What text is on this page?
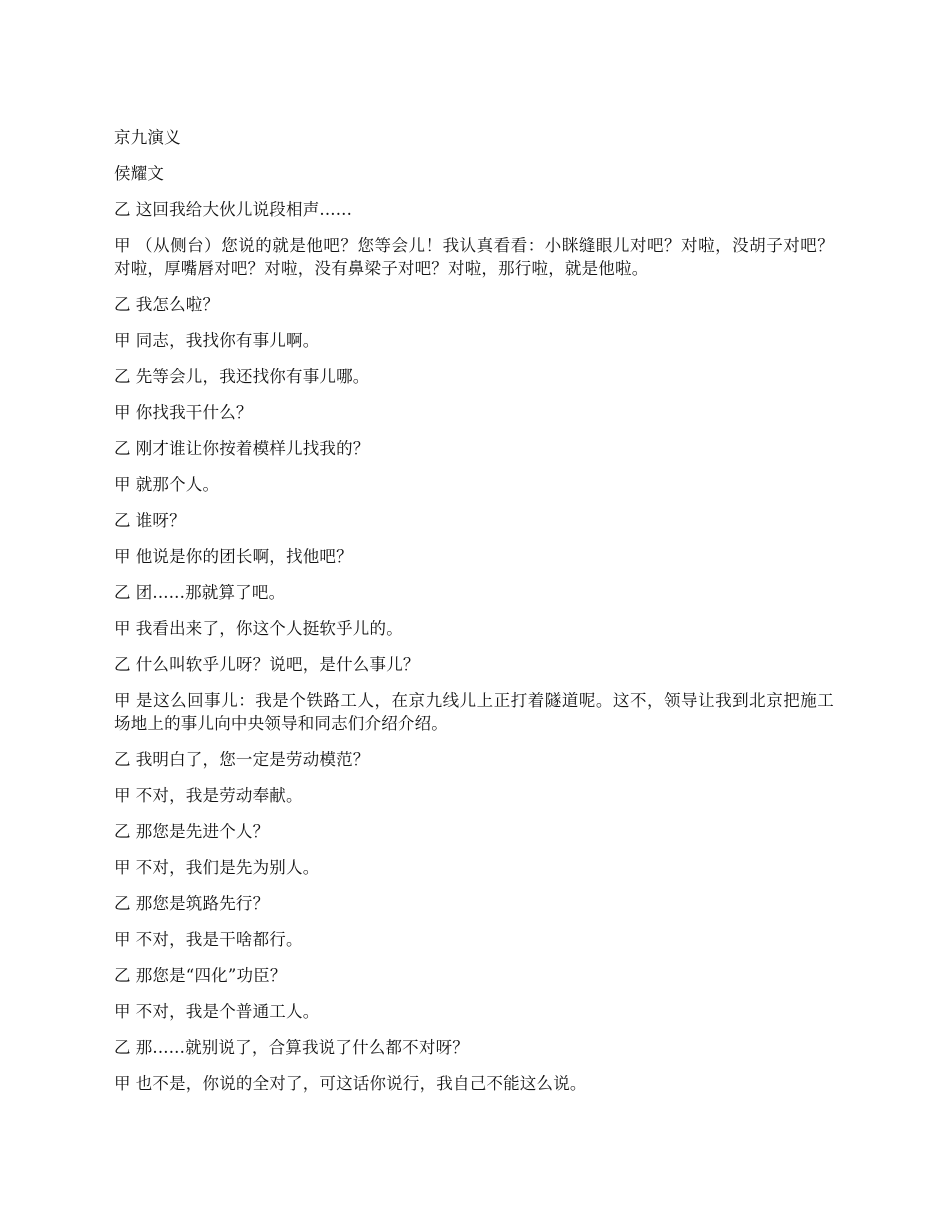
京九演义

侯耀文

乙 这回我给大伙儿说段相声......

甲 （从侧台）您说的就是他吧？您等会儿！我认真看看：小眯缝眼儿对吧？对啦，没胡子对吧？对啦，厚嘴唇对吧？对啦，没有鼻梁子对吧？对啦，那行啦，就是他啦。

乙 我怎么啦？

甲 同志，我找你有事儿啊。

乙 先等会儿，我还找你有事儿哪。

甲 你找我干什么？

乙 刚才谁让你按着模样儿找我的？

甲 就那个人。

乙 谁呀？

甲 他说是你的团长啊，找他吧？

乙 团......那就算了吧。

甲 我看出来了，你这个人挺软乎儿的。

乙 什么叫软乎儿呀？说吧，是什么事儿？

甲 是这么回事儿：我是个铁路工人，在京九线儿上正打着隧道呢。这不，领导让我到北京把施工场地上的事儿向中央领导和同志们介绍介绍。

乙 我明白了，您一定是劳动模范？

甲 不对，我是劳动奉献。

乙 那您是先进个人？

甲 不对，我们是先为别人。

乙 那您是筑路先行？

甲 不对，我是干啥都行。

乙 那您是“四化”功臣？

甲 不对，我是个普通工人。

乙 那......就别说了，合算我说了什么都不对呀？

甲 也不是，你说的全对了，可这话你说行，我自己不能这么说。
